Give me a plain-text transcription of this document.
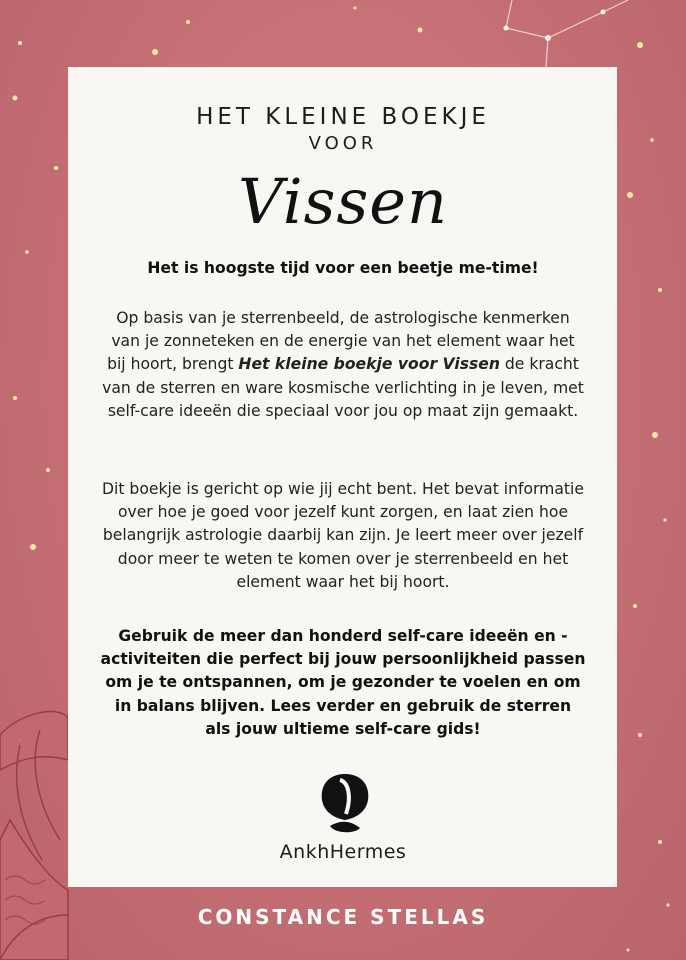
HET KLEINE BOEKJE
VOOR
Vissen
Het is hoogste tijd voor een beetje me-time!
Op basis van je sterrenbeeld, de astrologische kenmerken van je zonneteken en de energie van het element waar het bij hoort, brengt Het kleine boekje voor Vissen de kracht van de sterren en ware kosmische verlichting in je leven, met self-care ideeën die speciaal voor jou op maat zijn gemaakt.
Dit boekje is gericht op wie jij echt bent. Het bevat informatie over hoe je goed voor jezelf kunt zorgen, en laat zien hoe belangrijk astrologie daarbij kan zijn. Je leert meer over jezelf door meer te weten te komen over je sterrenbeeld en het element waar het bij hoort.
Gebruik de meer dan honderd self-care ideeën en -activiteiten die perfect bij jouw persoonlijkheid passen om je te ontspannen, om je gezonder te voelen en om in balans blijven. Lees verder en gebruik de sterren als jouw ultieme self-care gids!
AnkhHermes
CONSTANCE STELLAS
